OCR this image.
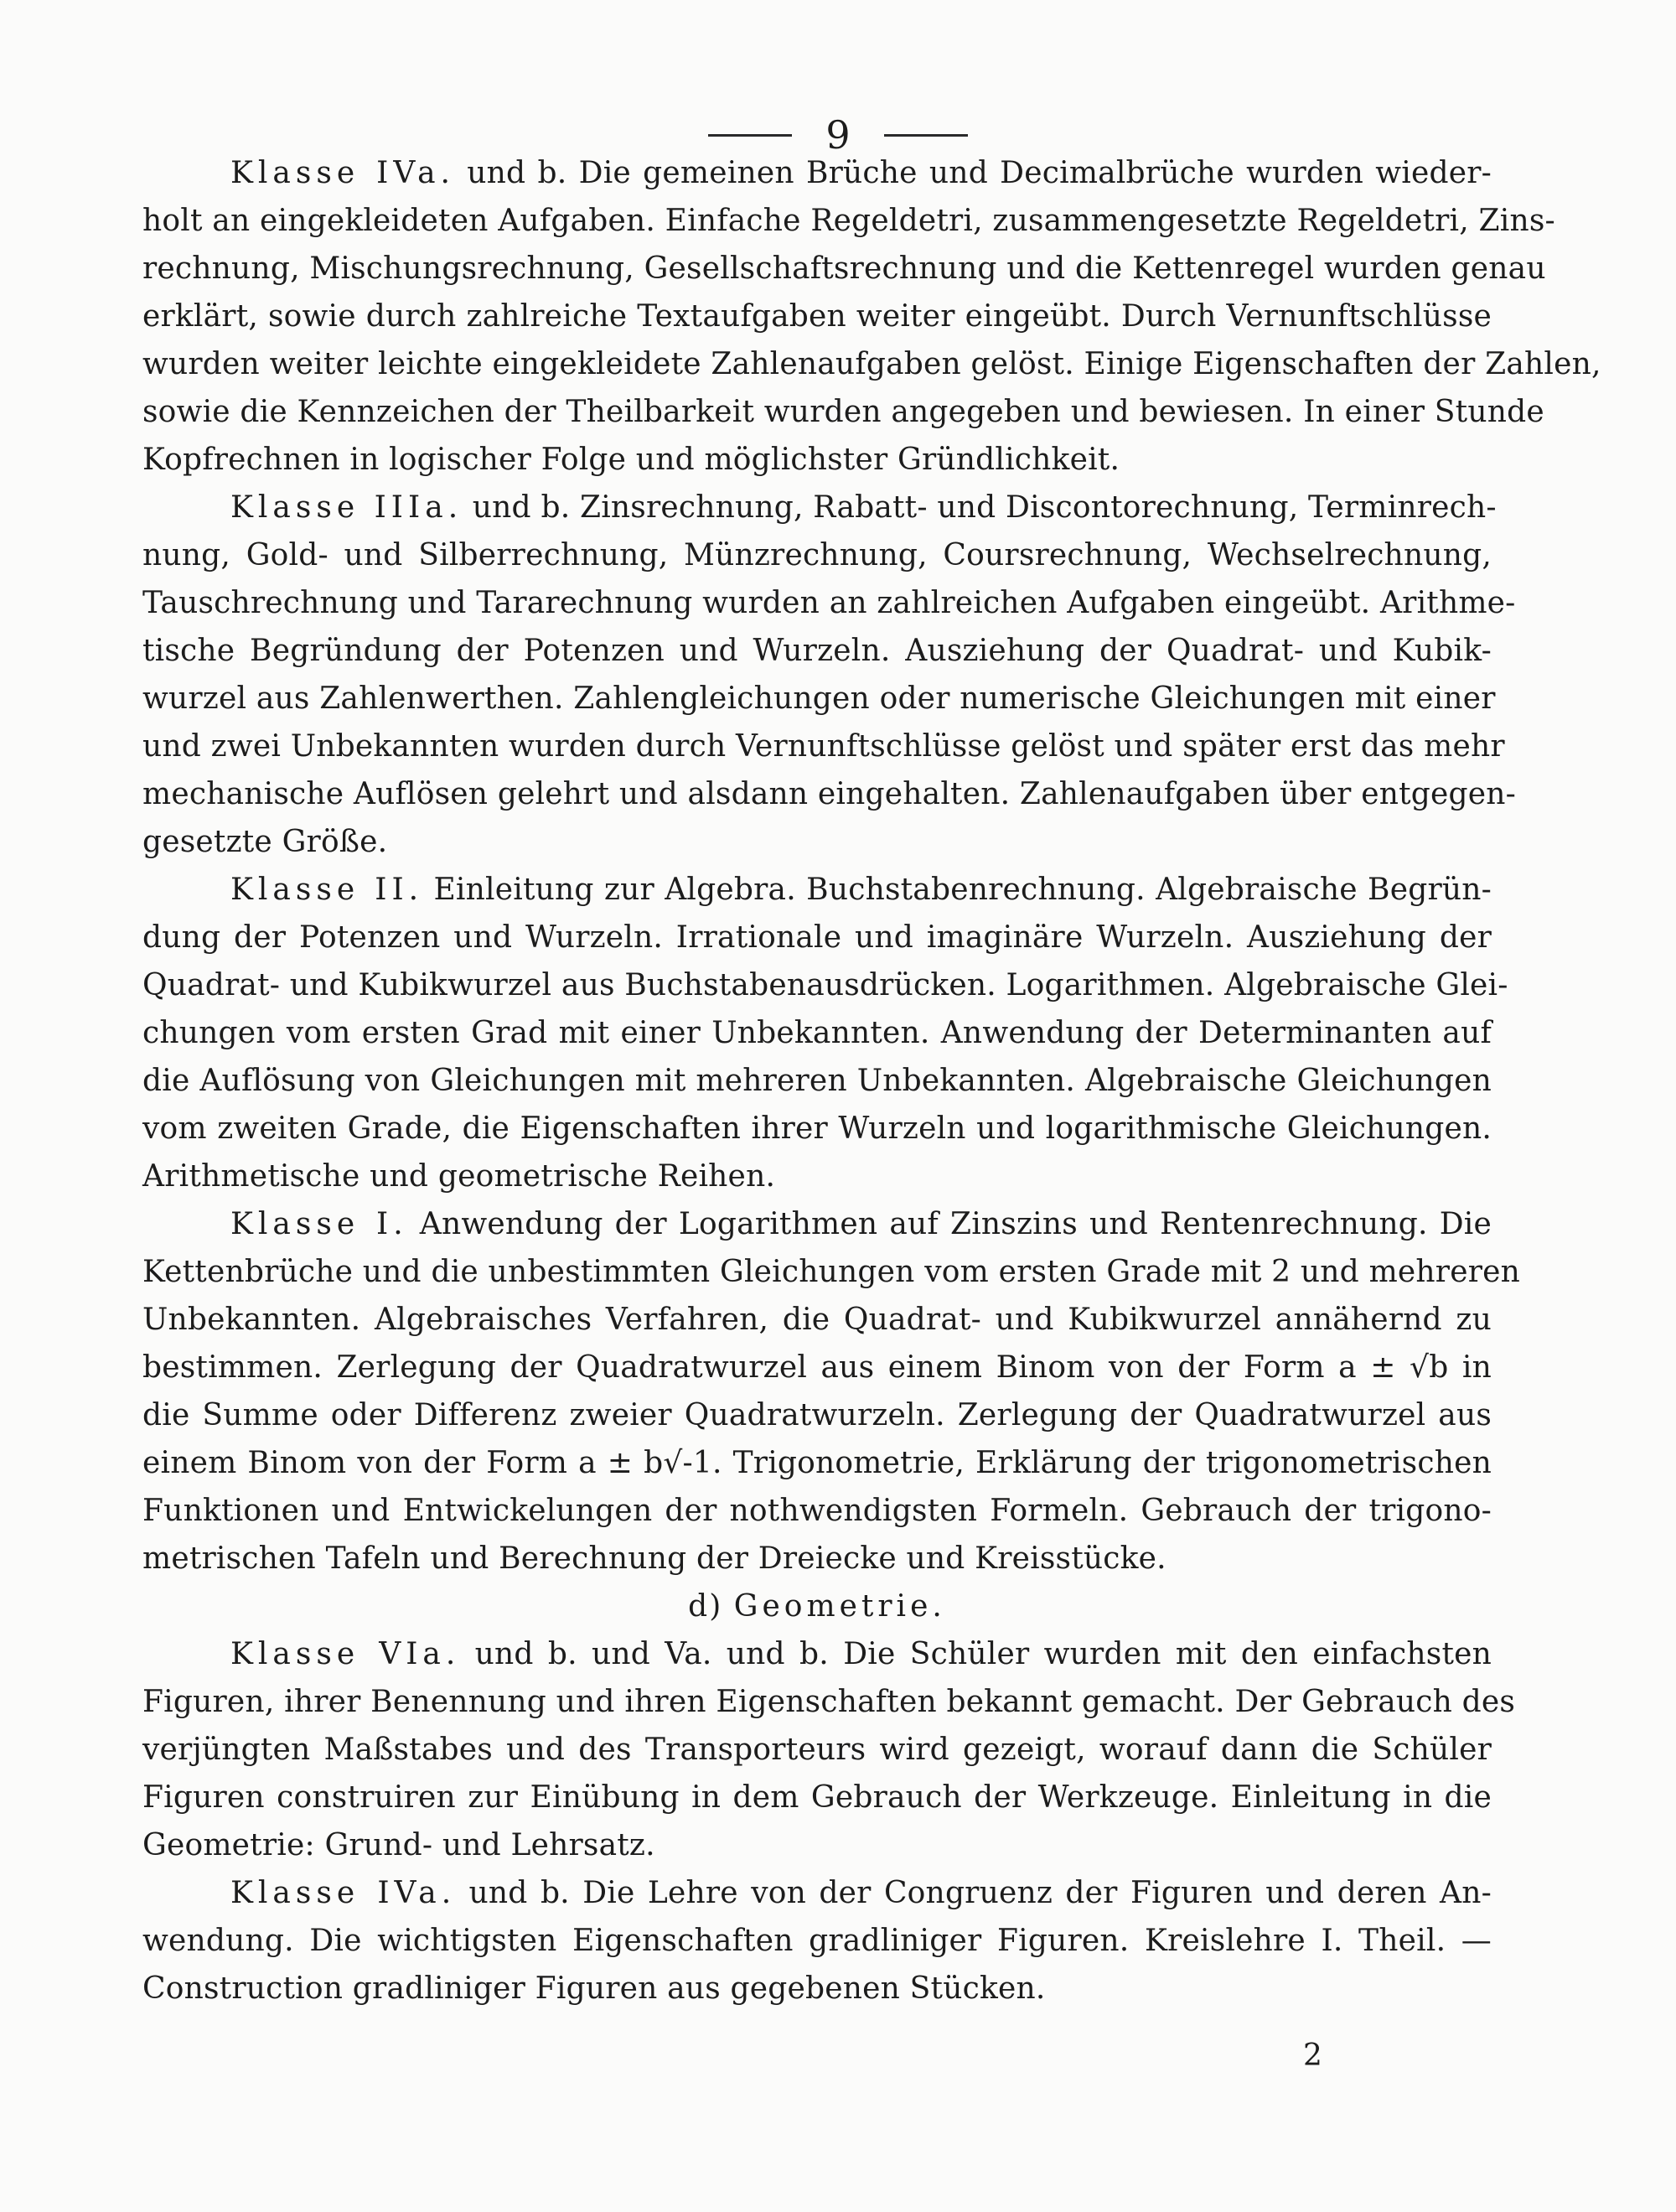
9
Klasse IVa. und b. Die gemeinen Brüche und Decimalbrüche wurden wieder-
holt an eingekleideten Aufgaben. Einfache Regeldetri, zusammengesetzte Regeldetri, Zins-
rechnung, Mischungsrechnung, Gesellschaftsrechnung und die Kettenregel wurden genau
erklärt, sowie durch zahlreiche Textaufgaben weiter eingeübt. Durch Vernunftschlüsse
wurden weiter leichte eingekleidete Zahlenaufgaben gelöst. Einige Eigenschaften der Zahlen,
sowie die Kennzeichen der Theilbarkeit wurden angegeben und bewiesen. In einer Stunde
Kopfrechnen in logischer Folge und möglichster Gründlichkeit.
Klasse IIIa. und b. Zinsrechnung, Rabatt- und Discontorechnung, Terminrech-
nung, Gold- und Silberrechnung, Münzrechnung, Coursrechnung, Wechselrechnung,
Tauschrechnung und Tararechnung wurden an zahlreichen Aufgaben eingeübt. Arithme-
tische Begründung der Potenzen und Wurzeln. Ausziehung der Quadrat- und Kubik-
wurzel aus Zahlenwerthen. Zahlengleichungen oder numerische Gleichungen mit einer
und zwei Unbekannten wurden durch Vernunftschlüsse gelöst und später erst das mehr
mechanische Auflösen gelehrt und alsdann eingehalten. Zahlenaufgaben über entgegen-
gesetzte Größe.
Klasse II. Einleitung zur Algebra. Buchstabenrechnung. Algebraische Begrün-
dung der Potenzen und Wurzeln. Irrationale und imaginäre Wurzeln. Ausziehung der
Quadrat- und Kubikwurzel aus Buchstabenausdrücken. Logarithmen. Algebraische Glei-
chungen vom ersten Grad mit einer Unbekannten. Anwendung der Determinanten auf
die Auflösung von Gleichungen mit mehreren Unbekannten. Algebraische Gleichungen
vom zweiten Grade, die Eigenschaften ihrer Wurzeln und logarithmische Gleichungen.
Arithmetische und geometrische Reihen.
Klasse I. Anwendung der Logarithmen auf Zinszins und Rentenrechnung. Die
Kettenbrüche und die unbestimmten Gleichungen vom ersten Grade mit 2 und mehreren
Unbekannten. Algebraisches Verfahren, die Quadrat- und Kubikwurzel annähernd zu
bestimmen. Zerlegung der Quadratwurzel aus einem Binom von der Form a ± √b in
die Summe oder Differenz zweier Quadratwurzeln. Zerlegung der Quadratwurzel aus
einem Binom von der Form a ± b√-1. Trigonometrie, Erklärung der trigonometrischen
Funktionen und Entwickelungen der nothwendigsten Formeln. Gebrauch der trigono-
metrischen Tafeln und Berechnung der Dreiecke und Kreisstücke.
d) Geometrie.
Klasse VIa. und b. und Va. und b. Die Schüler wurden mit den einfachsten
Figuren, ihrer Benennung und ihren Eigenschaften bekannt gemacht. Der Gebrauch des
verjüngten Maßstabes und des Transporteurs wird gezeigt, worauf dann die Schüler
Figuren construiren zur Einübung in dem Gebrauch der Werkzeuge. Einleitung in die
Geometrie: Grund- und Lehrsatz.
Klasse IVa. und b. Die Lehre von der Congruenz der Figuren und deren An-
wendung. Die wichtigsten Eigenschaften gradliniger Figuren. Kreislehre I. Theil. —
Construction gradliniger Figuren aus gegebenen Stücken.
2
